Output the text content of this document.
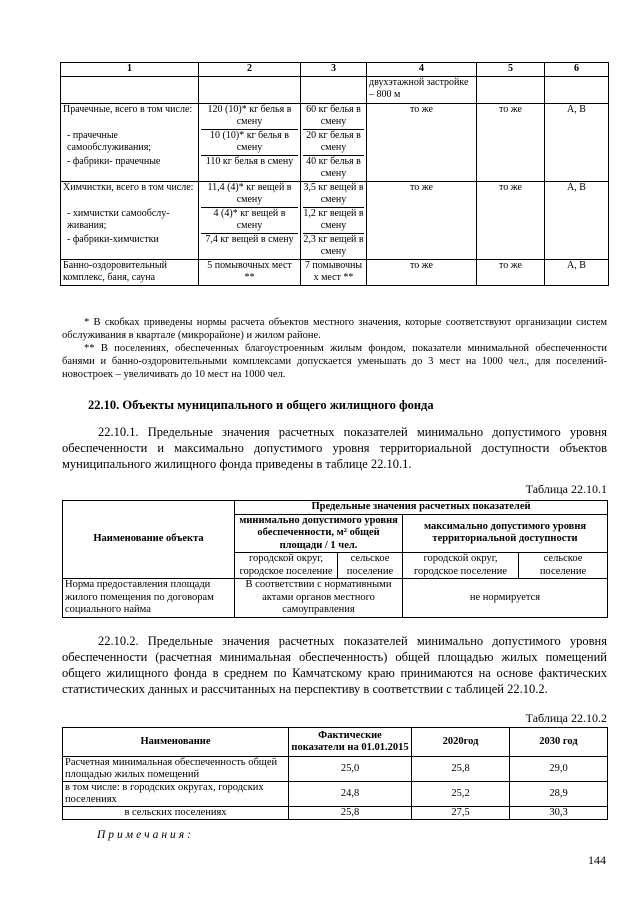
1	2	3	4	5	6
			двухэтажной застройке – 800 м		
Прачечные, всего в том числе:	120 (10)* кг белья в смену	60 кг белья в смену	то же	то же	А, В
- прачечные самообслуживания;	10 (10)* кг белья в смену	20 кг белья в смену			
- фабрики- прачечные	110 кг белья в смену	40 кг белья в смену			
Химчистки, всего в том числе:	11,4 (4)* кг вещей в смену	3,5 кг вещей в смену	то же	то же	А, В
- химчистки самообслу-живания;	4 (4)* кг вещей в смену	1,2 кг вещей в смену			
- фабрики-химчистки	7,4 кг вещей в смену	2,3 кг вещей в смену			
Банно-оздоровительный комплекс, баня, сауна	5 помывочных мест **	7 помывочны х мест **	то же	то же	А, В
* В скобках приведены нормы расчета объектов местного значения, которые соответствуют организации систем обслуживания в квартале (микрорайоне) и жилом районе.
** В поселениях, обеспеченных благоустроенным жилым фондом, показатели минимальной обеспеченности банями и банно-оздоровительными комплексами допускается уменьшать до 3 мест на 1000 чел., для поселений-новостроек – увеличивать до 10 мест на 1000 чел.
22.10. Объекты муниципального и общего жилищного фонда
22.10.1. Предельные значения расчетных показателей минимально допустимого уровня обеспеченности и максимально допустимого уровня территориальной доступности объектов муниципального жилищного фонда приведены в таблице 22.10.1.
Таблица 22.10.1
Наименование объекта	Предельные значения расчетных показателей			
	минимально допустимого уровня обеспеченности, м² общей площади / 1 чел.		максимально допустимого уровня территориальной доступности	
	городской округ, городское поселение	сельское поселение	городской округ, городское поселение	сельское поселение
Норма предоставления площади жилого помещения по договорам социального найма	В соответствии с нормативными актами органов местного самоуправления		не нормируется	
22.10.2. Предельные значения расчетных показателей минимально допустимого уровня обеспеченности (расчетная минимальная обеспеченность) общей площадью жилых помещений общего жилищного фонда в среднем по Камчатскому краю принимаются на основе фактических статистических данных и рассчитанных на перспективу в соответствии с таблицей 22.10.2.
Таблица 22.10.2
Наименование	Фактические показатели на 01.01.2015	2020год	2030 год
Расчетная минимальная обеспеченность общей площадью жилых помещений	25,0	25,8	29,0
в том числе: в городских округах, городских поселениях	24,8	25,2	28,9
в сельских поселениях	25,8	27,5	30,3
Примечания:
144
